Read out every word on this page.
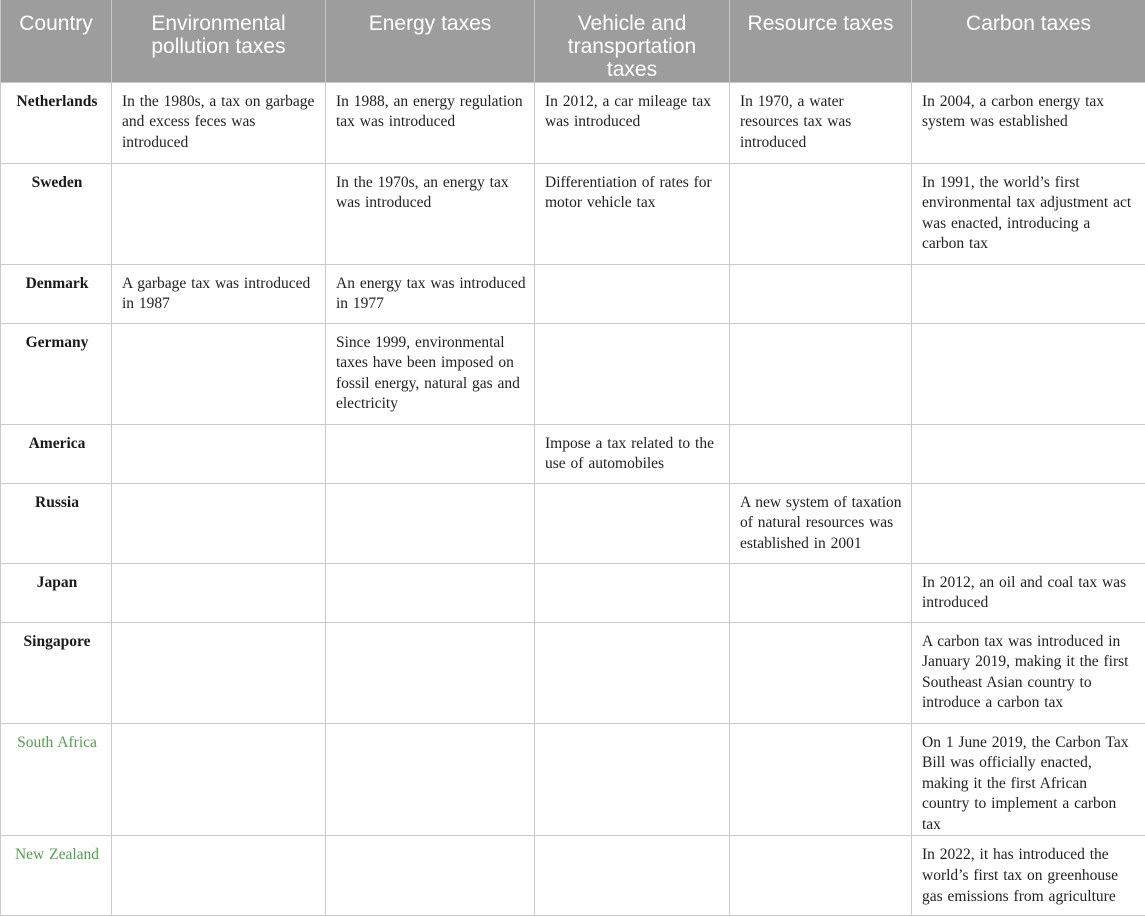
Country	Environmental pollution taxes	Energy taxes	Vehicle and transportation taxes	Resource taxes	Carbon taxes
Netherlands	In the 1980s, a tax on garbage and excess feces was introduced	In 1988, an energy regulation tax was introduced	In 2012, a car mileage tax was introduced	In 1970, a water resources tax was introduced	In 2004, a carbon energy tax system was established
Sweden		In the 1970s, an energy tax was introduced	Differentiation of rates for motor vehicle tax		In 1991, the world’s first environmental tax adjustment act was enacted, introducing a carbon tax
Denmark	A garbage tax was introduced in 1987	An energy tax was introduced in 1977			
Germany		Since 1999, environmental taxes have been imposed on fossil energy, natural gas and electricity			
America			Impose a tax related to the use of automobiles		
Russia				A new system of taxation of natural resources was established in 2001	
Japan					In 2012, an oil and coal tax was introduced
Singapore					A carbon tax was introduced in January 2019, making it the first Southeast Asian country to introduce a carbon tax
South Africa					On 1 June 2019, the Carbon Tax Bill was officially enacted, making it the first African country to implement a carbon tax
New Zealand					In 2022, it has introduced the world’s first tax on greenhouse gas emissions from agriculture
